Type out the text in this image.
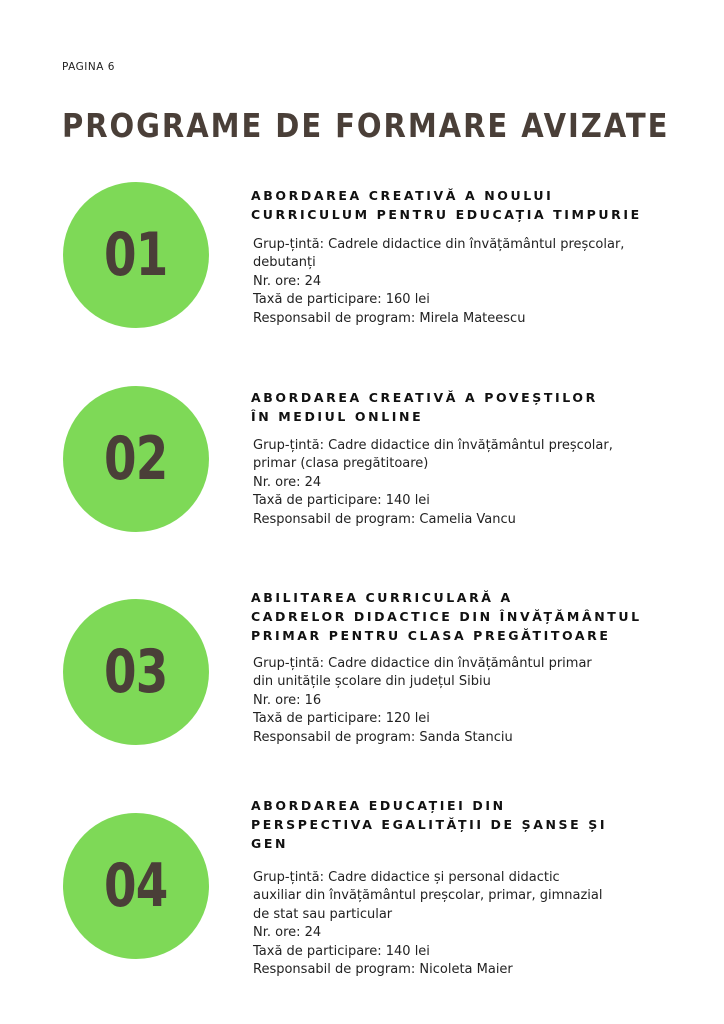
PAGINA 6
PROGRAME DE FORMARE AVIZATE
01
ABORDAREA CREATIVĂ A NOULUI
CURRICULUM PENTRU EDUCAȚIA TIMPURIE
Grup-țintă: Cadrele didactice din învățământul preșcolar,
debutanți
Nr. ore: 24
Taxă de participare: 160 lei
Responsabil de program: Mirela Mateescu
02
ABORDAREA CREATIVĂ A POVEȘTILOR
ÎN MEDIUL ONLINE
Grup-țintă: Cadre didactice din învățământul preșcolar,
primar (clasa pregătitoare)
Nr. ore: 24
Taxă de participare: 140 lei
Responsabil de program: Camelia Vancu
03
ABILITAREA CURRICULARĂ A
CADRELOR DIDACTICE DIN ÎNVĂȚĂMÂNTUL
PRIMAR PENTRU CLASA PREGĂTITOARE
Grup-țintă: Cadre didactice din învățământul primar
din unitățile școlare din județul Sibiu
Nr. ore: 16
Taxă de participare: 120 lei
Responsabil de program: Sanda Stanciu
04
ABORDAREA EDUCAȚIEI DIN
PERSPECTIVA EGALITĂȚII DE ȘANSE ȘI
GEN
Grup-țintă: Cadre didactice și personal didactic
auxiliar din învățământul preșcolar, primar, gimnazial
de stat sau particular
Nr. ore: 24
Taxă de participare: 140 lei
Responsabil de program: Nicoleta Maier
